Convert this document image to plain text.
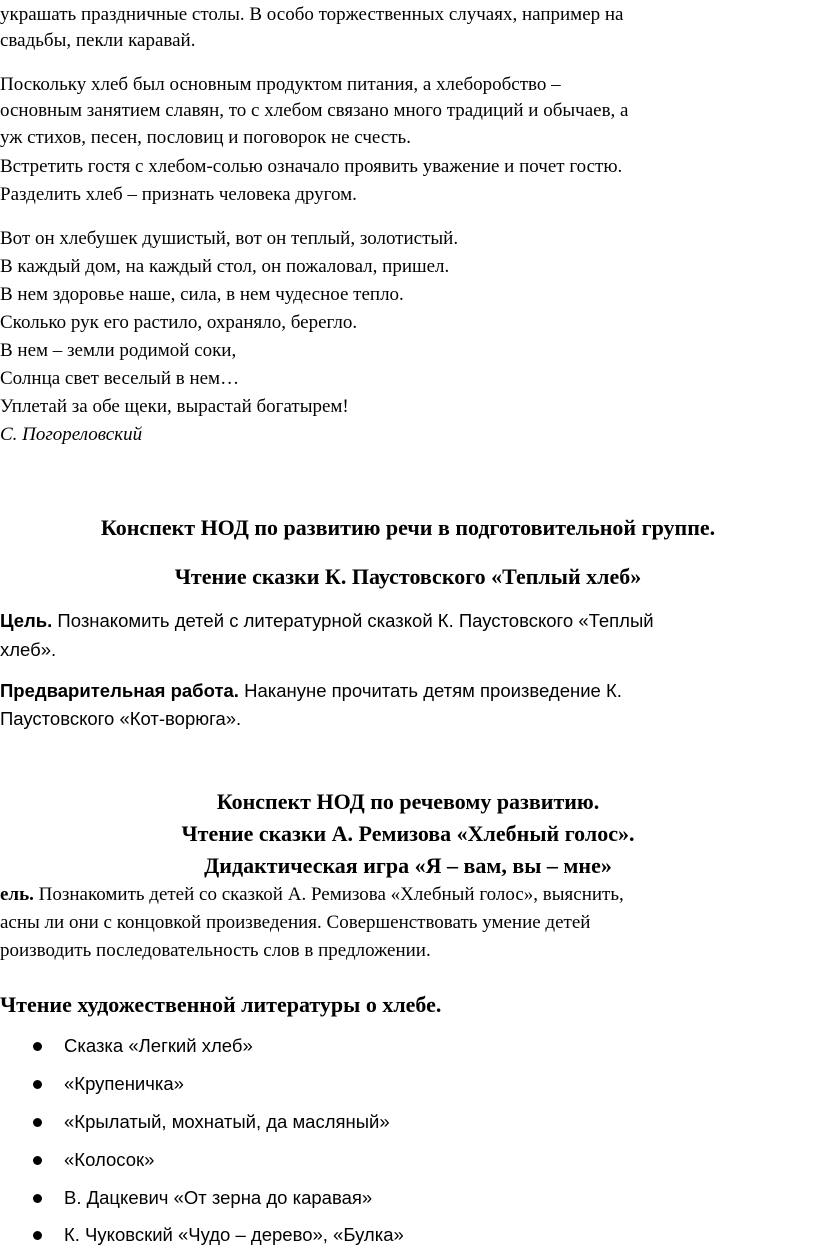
украшать праздничные столы. В особо торжественных случаях, например на
свадьбы, пекли каравай.
Поскольку хлеб был основным продуктом питания, а хлеборобство –
основным занятием славян, то с хлебом связано много традиций и обычаев, а
уж стихов, песен, пословиц и поговорок не счесть.
Встретить гостя с хлебом-солью означало проявить уважение и почет гостю.
Разделить хлеб – признать человека другом.
Вот он хлебушек душистый, вот он теплый, золотистый.
В каждый дом, на каждый стол, он пожаловал, пришел.
В нем здоровье наше, сила, в нем чудесное тепло.
Сколько рук его растило, охраняло, берегло.
В нем – земли родимой соки,
Солнца свет веселый в нем…
Уплетай за обе щеки, вырастай богатырем!
С. Погореловский
Конспект НОД по развитию речи в подготовительной группе.
Чтение сказки К. Паустовского «Теплый хлеб»
Цель. Познакомить детей с литературной сказкой К. Паустовского «Теплый
хлеб».
Предварительная работа. Накануне прочитать детям произведение К.
Паустовского «Кот-ворюга».
Конспект НОД по речевому развитию.
Чтение сказки А. Ремизова «Хлебный голос».
Дидактическая игра «Я – вам, вы – мне»
ель. Познакомить детей со сказкой А. Ремизова «Хлебный голос», выяснить,
асны ли они с концовкой произведения. Совершенствовать умение детей
роизводить последовательность слов в предложении.
Чтение художественной литературы о хлебе.
Сказка «Легкий хлеб»
«Крупеничка»
«Крылатый, мохнатый, да масляный»
«Колосок»
В. Дацкевич «От зерна до каравая»
К. Чуковский «Чудо – дерево», «Булка»
